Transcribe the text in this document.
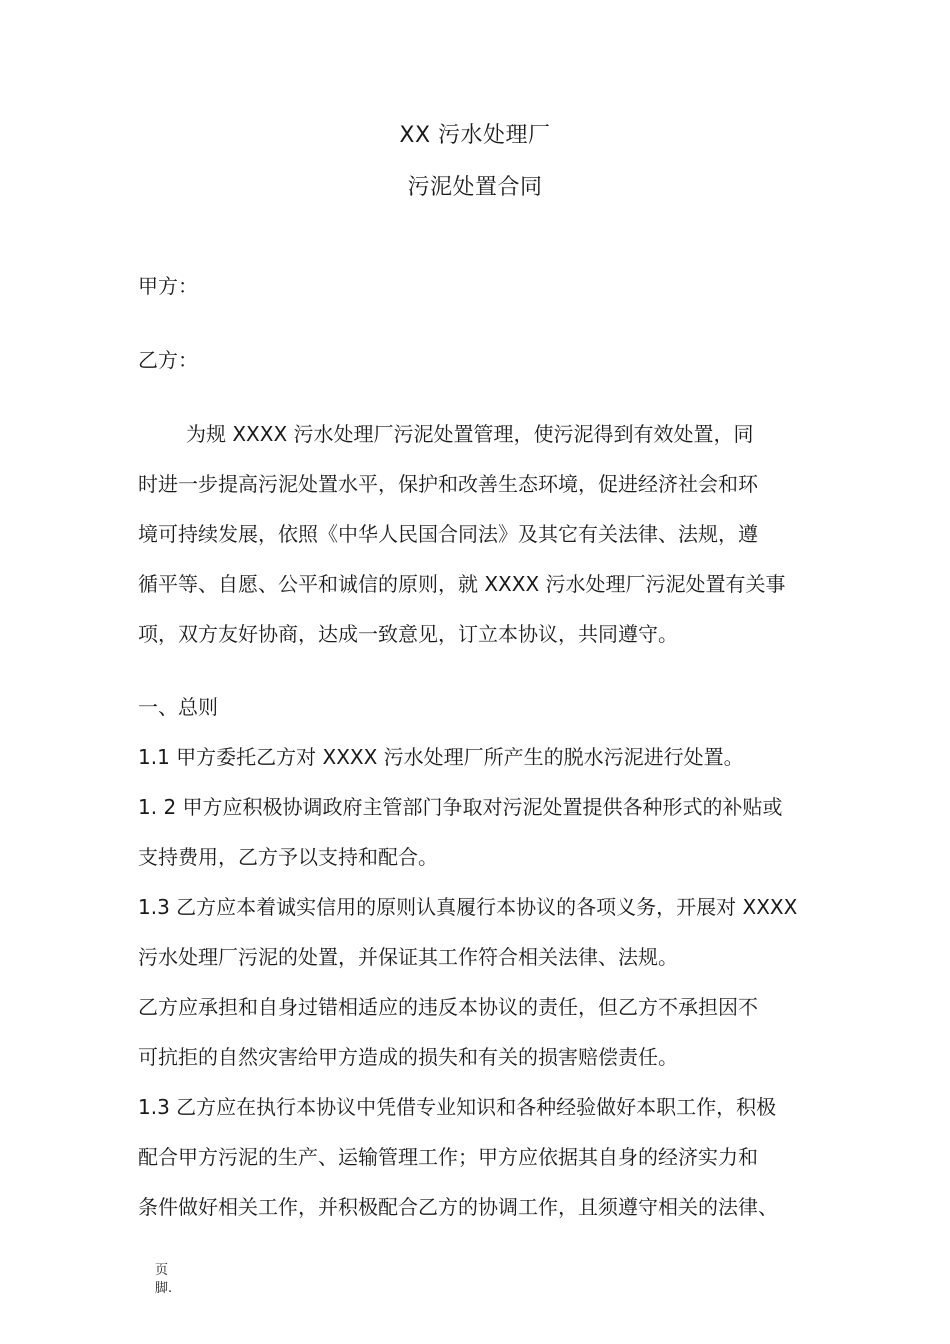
XX 污水处理厂
污泥处置合同
甲方：
乙方：
为规 XXXX 污水处理厂污泥处置管理，使污泥得到有效处置，同
时进一步提高污泥处置水平，保护和改善生态环境，促进经济社会和环
境可持续发展，依照《中华人民国合同法》及其它有关法律、法规，遵
循平等、自愿、公平和诚信的原则，就 XXXX 污水处理厂污泥处置有关事
项，双方友好协商，达成一致意见，订立本协议，共同遵守。
一、总则
1.1 甲方委托乙方对 XXXX 污水处理厂所产生的脱水污泥进行处置。
1. 2 甲方应积极协调政府主管部门争取对污泥处置提供各种形式的补贴或
支持费用，乙方予以支持和配合。
1.3 乙方应本着诚实信用的原则认真履行本协议的各项义务，开展对 XXXX
污水处理厂污泥的处置，并保证其工作符合相关法律、法规。
乙方应承担和自身过错相适应的违反本协议的责任，但乙方不承担因不
可抗拒的自然灾害给甲方造成的损失和有关的损害赔偿责任。
1.3 乙方应在执行本协议中凭借专业知识和各种经验做好本职工作，积极
配合甲方污泥的生产、运输管理工作；甲方应依据其自身的经济实力和
条件做好相关工作，并积极配合乙方的协调工作，且须遵守相关的法律、
页
脚.
